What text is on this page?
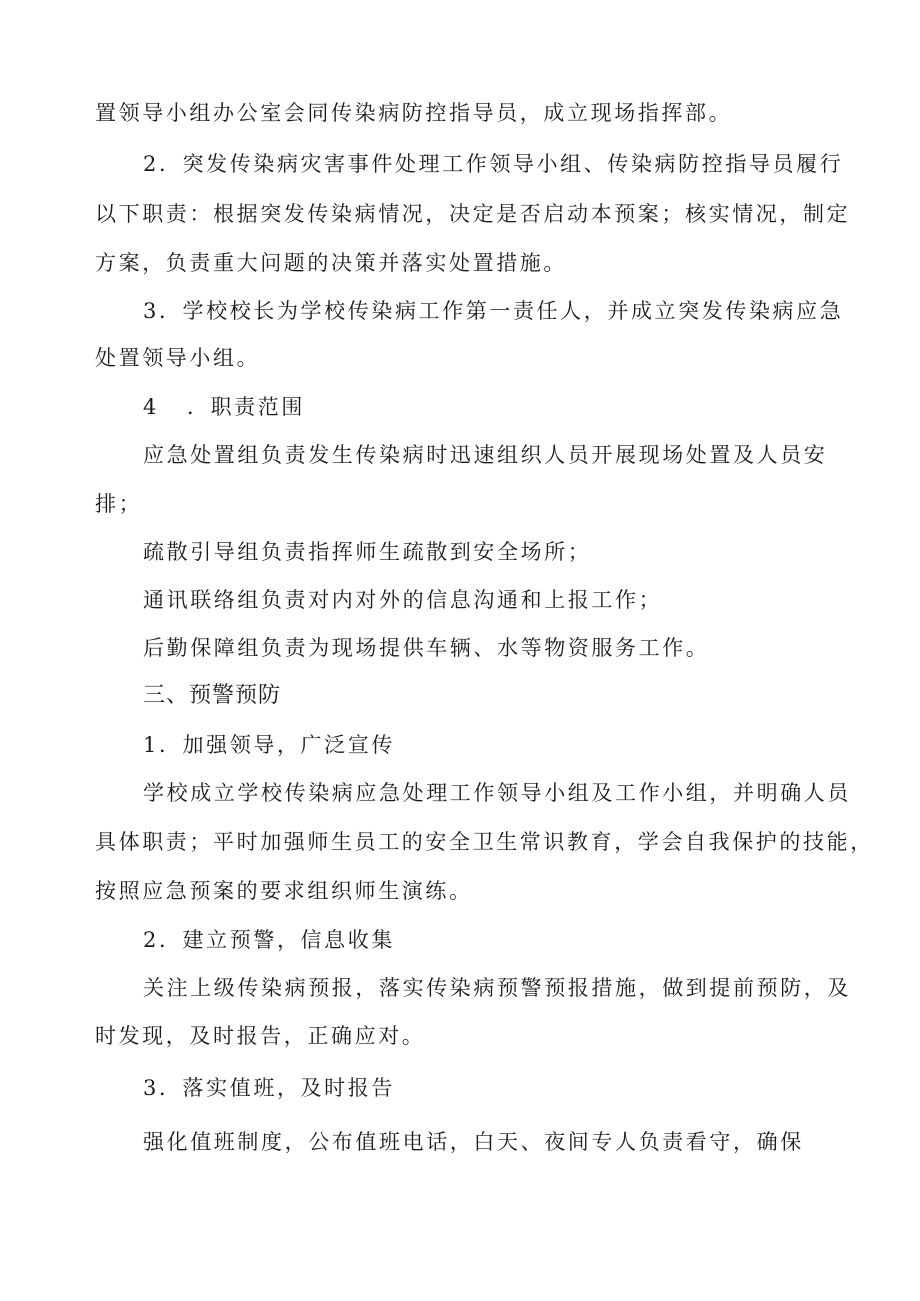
置领导小组办公室会同传染病防控指导员，成立现场指挥部。
2．突发传染病灾害事件处理工作领导小组、传染病防控指导员履行
以下职责：根据突发传染病情况，决定是否启动本预案；核实情况，制定
方案，负责重大问题的决策并落实处置措施。
3．学校校长为学校传染病工作第一责任人，并成立突发传染病应急
处置领导小组。
4 ．职责范围
应急处置组负责发生传染病时迅速组织人员开展现场处置及人员安
排；
疏散引导组负责指挥师生疏散到安全场所；
通讯联络组负责对内对外的信息沟通和上报工作；
后勤保障组负责为现场提供车辆、水等物资服务工作。
三、预警预防
1．加强领导，广泛宣传
学校成立学校传染病应急处理工作领导小组及工作小组，并明确人员
具体职责；平时加强师生员工的安全卫生常识教育，学会自我保护的技能，
按照应急预案的要求组织师生演练。
2．建立预警，信息收集
关注上级传染病预报，落实传染病预警预报措施，做到提前预防，及
时发现，及时报告，正确应对。
3．落实值班，及时报告
强化值班制度，公布值班电话，白天、夜间专人负责看守，确保
